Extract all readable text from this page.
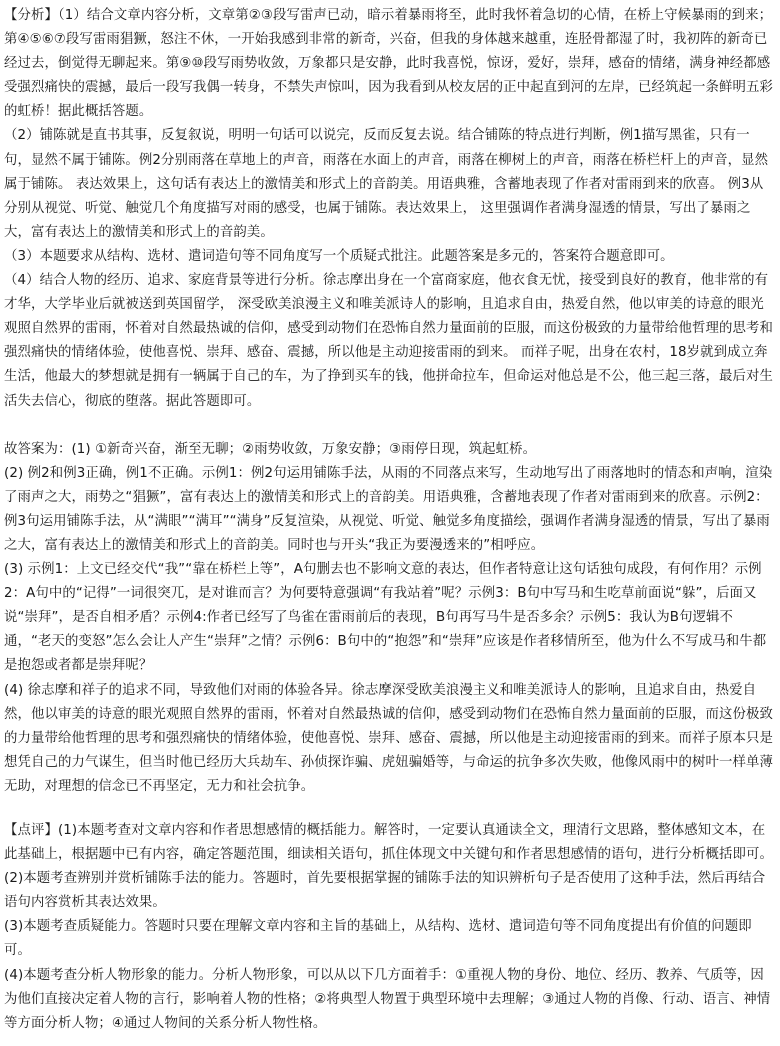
【分析】（1）结合文章内容分析，文章第②③段写雷声已动，暗示着暴雨将至，此时我怀着急切的心情，在桥上守候暴雨的到来；第④⑤⑥⑦段写雷雨猖獗，怒注不休，一开始我感到非常的新奇，兴奋，但我的身体越来越重，连胫骨都湿了时，我初阵的新奇已经过去，倒觉得无聊起来。第⑨⑩段写雨势收敛，万象都只是安静，此时我喜悦，惊讶，爱好，崇拜，感奋的情绪，满身神经都感受强烈痛快的震撼，最后一段写我偶一转身，不禁失声惊叫，因为我看到从校友居的正中起直到河的左岸，已经筑起一条鲜明五彩的虹桥！据此概括答题。

（2）铺陈就是直书其事，反复叙说，明明一句话可以说完，反而反复去说。结合铺陈的特点进行判断，例1描写黑雀，只有一句，显然不属于铺陈。例2分别雨落在草地上的声音，雨落在水面上的声音，雨落在柳树上的声音，雨落在桥栏杆上的声音，显然属于铺陈。 表达效果上，这句话有表达上的激情美和形式上的音韵美。用语典雅，含蓄地表现了作者对雷雨到来的欣喜。 例3从分别从视觉、听觉、触觉几个角度描写对雨的感受，也属于铺陈。表达效果上， 这里强调作者满身湿透的情景，写出了暴雨之大，富有表达上的激情美和形式上的音韵美。

（3）本题要求从结构、选材、遣词造句等不同角度写一个质疑式批注。此题答案是多元的，答案符合题意即可。

（4）结合人物的经历、追求、家庭背景等进行分析。徐志摩出身在一个富商家庭，他衣食无忧，接受到良好的教育，他非常的有才华，大学毕业后就被送到英国留学， 深受欧美浪漫主义和唯美派诗人的影响，且追求自由，热爱自然，他以审美的诗意的眼光观照自然界的雷雨，怀着对自然最热诚的信仰，感受到动物们在恐怖自然力量面前的臣服，而这份极致的力量带给他哲理的思考和强烈痛快的情绪体验，使他喜悦、崇拜、感奋、震撼，所以他是主动迎接雷雨的到来。 而祥子呢，出身在农村，18岁就到成立奔生活，他最大的梦想就是拥有一辆属于自己的车，为了挣到买车的钱，他拼命拉车，但命运对他总是不公，他三起三落，最后对生活失去信心，彻底的堕落。据此答题即可。

故答案为：(1) ①新奇兴奋，渐至无聊；②雨势收敛，万象安静；③雨停日现，筑起虹桥。

(2) 例2和例3正确，例1不正确。示例1：例2句运用铺陈手法，从雨的不同落点来写，生动地写出了雨落地时的情态和声响，渲染了雨声之大，雨势之“猖獗”，富有表达上的激情美和形式上的音韵美。用语典雅，含蓄地表现了作者对雷雨到来的欣喜。示例2：例3句运用铺陈手法，从“满眼”“满耳”“满身”反复渲染，从视觉、听觉、触觉多角度描绘，强调作者满身湿透的情景，写出了暴雨之大，富有表达上的激情美和形式上的音韵美。同时也与开头“我正为要漫透来的”相呼应。

(3) 示例1：上文已经交代“我”“靠在桥栏上等”，A句删去也不影响文意的表达，但作者特意让这句话独句成段，有何作用？示例2：A句中的“记得”一词很突兀，是对谁而言？为何要特意强调“有我站着”呢？示例3：B句中写马和生吃草前面说“躲”，后面又说“崇拜”，是否自相矛盾？示例4:作者已经写了鸟雀在雷雨前后的表现，B句再写马牛是否多余？示例5：我认为B句逻辑不通，“老天的变怒”怎么会让人产生“崇拜”之情？示例6：B句中的“抱怨”和“崇拜”应该是作者移情所至，他为什么不写成马和牛都是抱怨或者都是崇拜呢？

(4) 徐志摩和祥子的追求不同，导致他们对雨的体验各异。徐志摩深受欧美浪漫主义和唯美派诗人的影响，且追求自由，热爱自然，他以审美的诗意的眼光观照自然界的雷雨，怀着对自然最热诚的信仰，感受到动物们在恐怖自然力量面前的臣服，而这份极致的力量带给他哲理的思考和强烈痛快的情绪体验，使他喜悦、崇拜、感奋、震撼，所以他是主动迎接雷雨的到来。而祥子原本只是想凭自己的力气谋生，但当时他已经历大兵劫车、孙侦探诈骗、虎妞骗婚等，与命运的抗争多次失败，他像风雨中的树叶一样单薄无助，对理想的信念已不再坚定，无力和社会抗争。

【点评】(1)本题考查对文章内容和作者思想感情的概括能力。解答时，一定要认真通读全文，理清行文思路，整体感知文本，在此基础上，根据题中已有内容，确定答题范围，细读相关语句，抓住体现文中关键句和作者思想感情的语句，进行分析概括即可。

(2)本题考查辨别并赏析铺陈手法的能力。答题时，首先要根据掌握的铺陈手法的知识辨析句子是否使用了这种手法，然后再结合语句内容赏析其表达效果。

(3)本题考查质疑能力。答题时只要在理解文章内容和主旨的基础上，从结构、选材、遣词造句等不同角度提出有价值的问题即可。

(4)本题考查分析人物形象的能力。分析人物形象，可以从以下几方面着手：①重视人物的身份、地位、经历、教养、气质等，因为他们直接决定着人物的言行，影响着人物的性格；②将典型人物置于典型环境中去理解；③通过人物的肖像、行动、语言、神情等方面分析人物；④通过人物间的关系分析人物性格。
